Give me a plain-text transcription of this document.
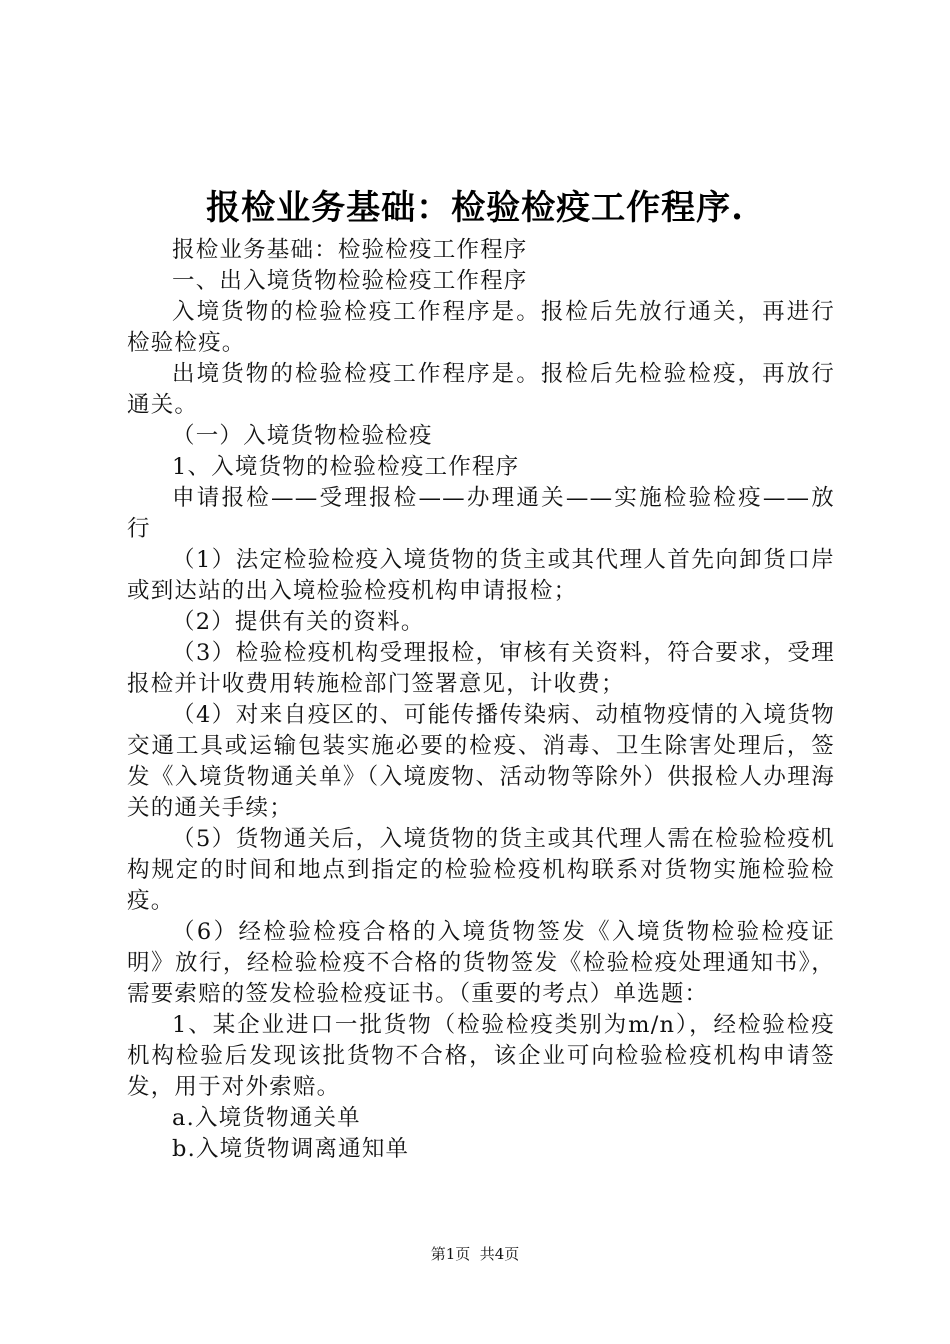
报检业务基础：检验检疫工作程序.

报检业务基础：检验检疫工作程序

一、出入境货物检验检疫工作程序

入境货物的检验检疫工作程序是。报检后先放行通关，再进行检验检疫。

出境货物的检验检疫工作程序是。报检后先检验检疫，再放行通关。

（一）入境货物检验检疫

1、入境货物的检验检疫工作程序

申请报检——受理报检——办理通关——实施检验检疫——放行

（1）法定检验检疫入境货物的货主或其代理人首先向卸货口岸或到达站的出入境检验检疫机构申请报检；

（2）提供有关的资料。

（3）检验检疫机构受理报检，审核有关资料，符合要求，受理报检并计收费用转施检部门签署意见，计收费；

（4）对来自疫区的、可能传播传染病、动植物疫情的入境货物交通工具或运输包装实施必要的检疫、消毒、卫生除害处理后，签发《入境货物通关单》（入境废物、活动物等除外）供报检人办理海关的通关手续；

（5）货物通关后，入境货物的货主或其代理人需在检验检疫机构规定的时间和地点到指定的检验检疫机构联系对货物实施检验检疫。

（6）经检验检疫合格的入境货物签发《入境货物检验检疫证明》放行，经检验检疫不合格的货物签发《检验检疫处理通知书》，需要索赔的签发检验检疫证书。（重要的考点）单选题：

1、某企业进口一批货物（检验检疫类别为m/n），经检验检疫机构检验后发现该批货物不合格，该企业可向检验检疫机构申请签发，用于对外索赔。

a.入境货物通关单

b.入境货物调离通知单

第1页  共4页
